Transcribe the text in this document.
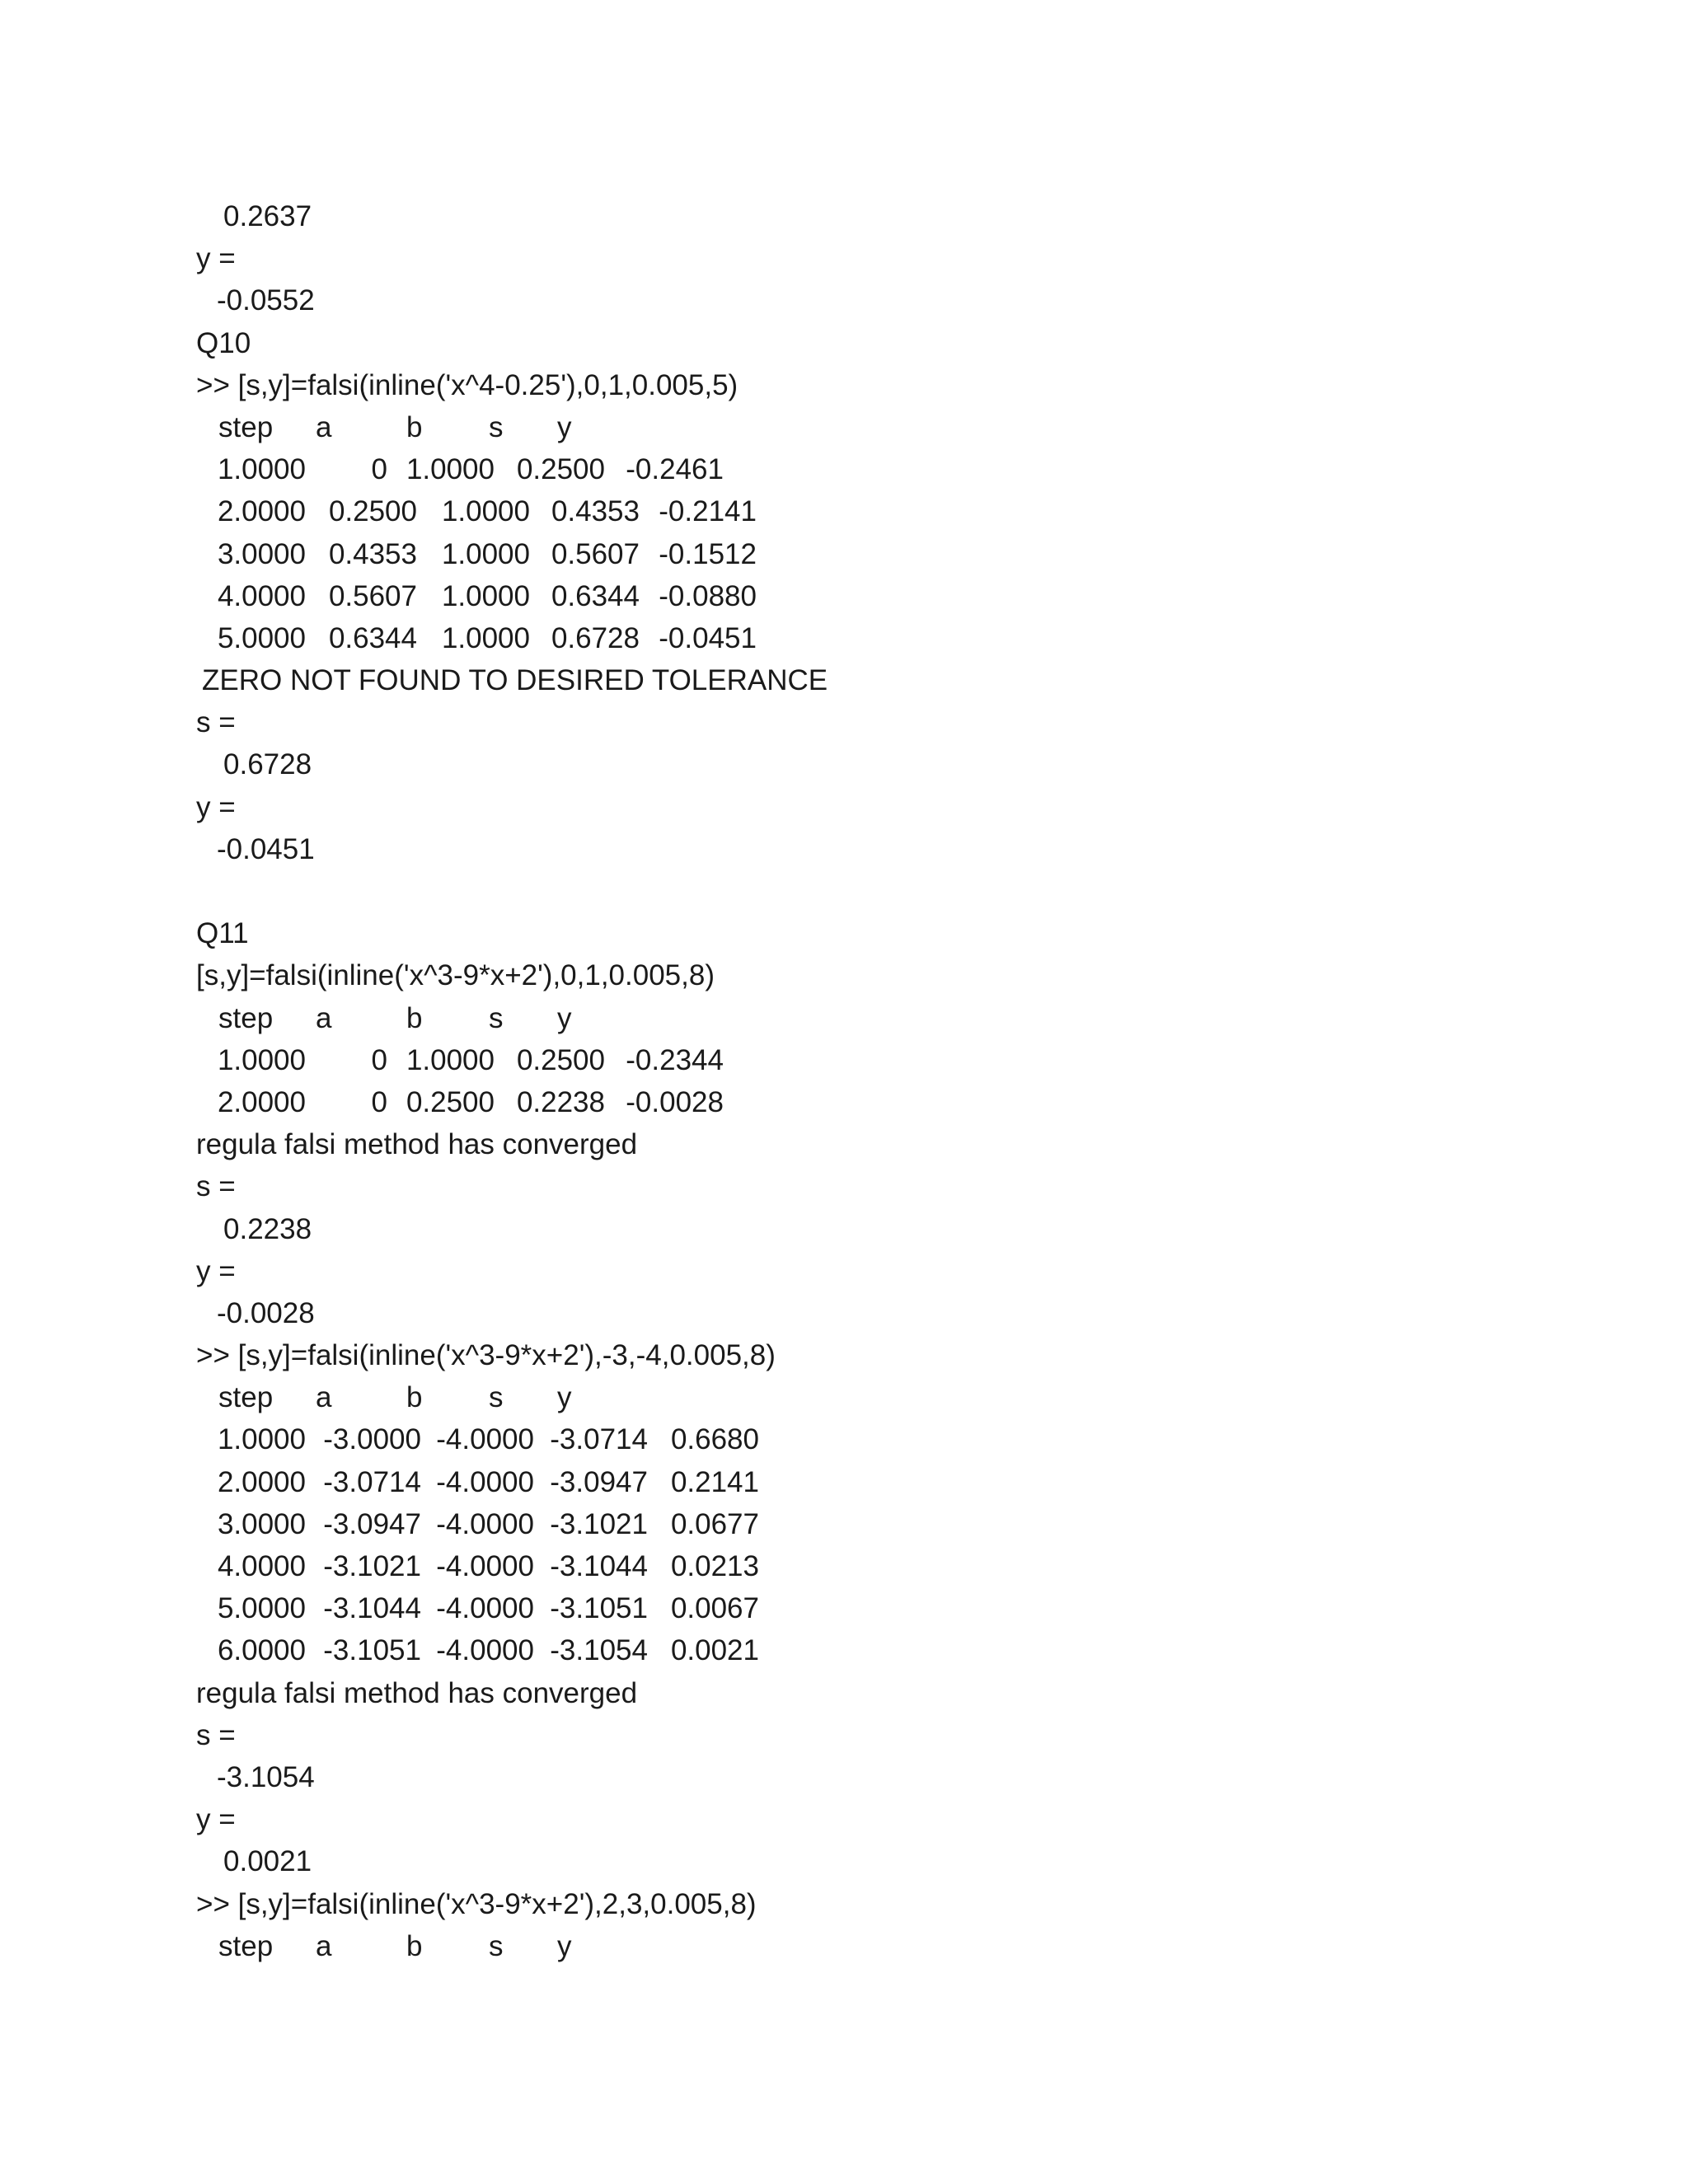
0.2637
y =
-0.0552
Q10
>> [s,y]=falsi(inline('x^4-0.25'),0,1,0.005,5)
step a	b s y
1.0000	0 1.0000 0.2500 -0.2461
2.0000 0.2500 1.0000 0.4353 -0.2141
3.0000 0.4353 1.0000 0.5607 -0.1512
4.0000 0.5607 1.0000 0.6344 -0.0880
5.0000 0.6344 1.0000 0.6728 -0.0451
ZERO NOT FOUND TO DESIRED TOLERANCE
s =
0.6728
y =
-0.0451
Q11
[s,y]=falsi(inline('x^3-9*x+2'),0,1,0.005,8)
step a	b s y
1.0000	0 1.0000 0.2500 -0.2344
2.0000	0 0.2500 0.2238 -0.0028
regula falsi method has converged
s =
0.2238
y =
-0.0028
>> [s,y]=falsi(inline('x^3-9*x+2'),-3,-4,0.005,8)
step a	b s y
1.0000 -3.0000 -4.0000 -3.0714 0.6680
2.0000 -3.0714 -4.0000 -3.0947 0.2141
3.0000 -3.0947 -4.0000 -3.1021 0.0677
4.0000 -3.1021 -4.0000 -3.1044 0.0213
5.0000 -3.1044 -4.0000 -3.1051 0.0067
6.0000 -3.1051 -4.0000 -3.1054 0.0021
regula falsi method has converged
s =
-3.1054
y =
0.0021
>> [s,y]=falsi(inline('x^3-9*x+2'),2,3,0.005,8)
step a	b s y
